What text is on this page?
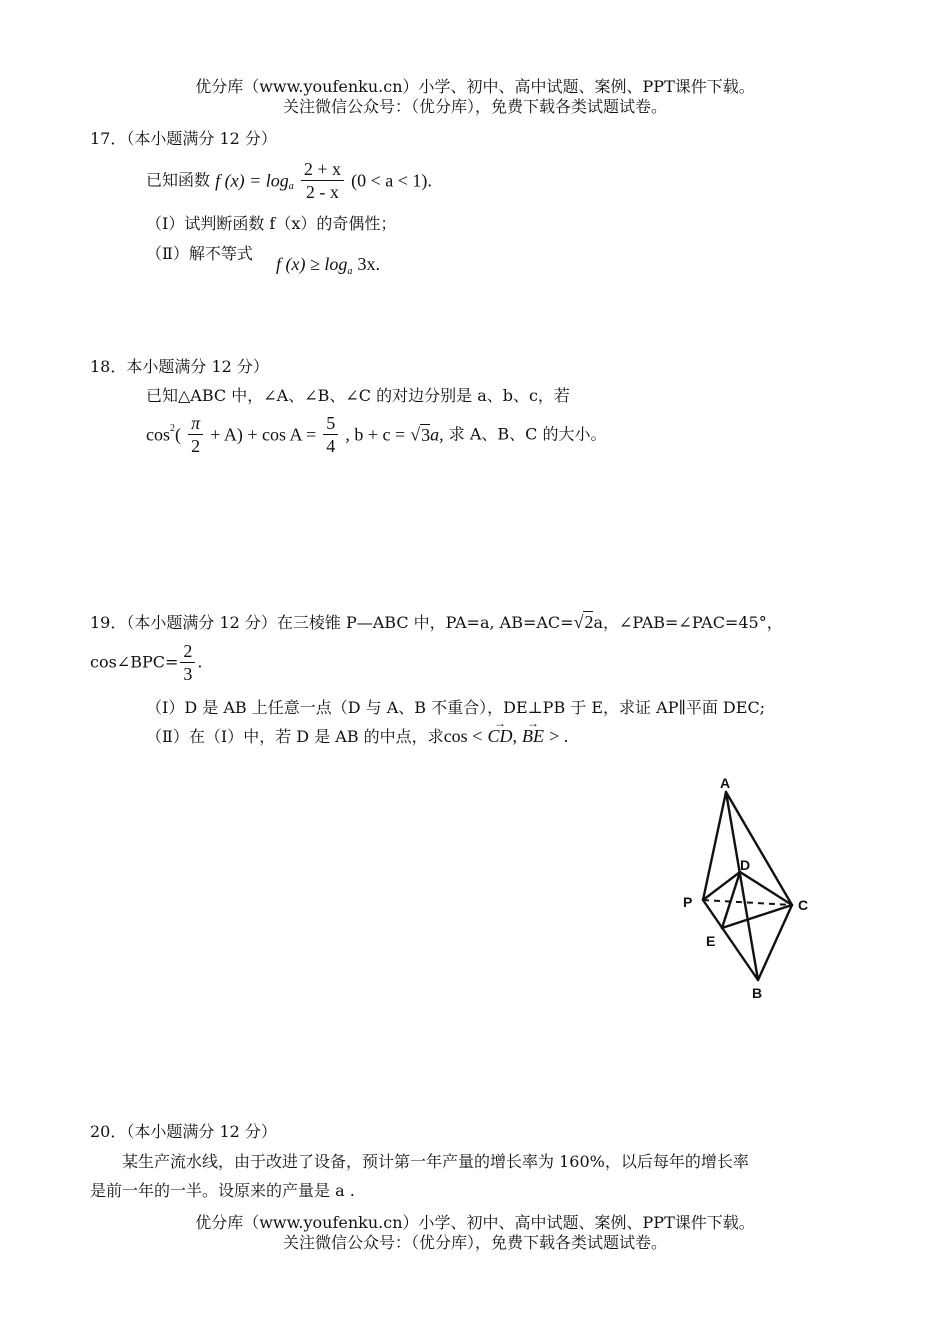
优分库（www.youfenku.cn）小学、初中、高中试题、案例、PPT课件下载。
关注微信公众号：（优分库），免费下载各类试题试卷。
17．（本小题满分 12 分）
已知函数 f $(x) = \log_a \frac{2 + x}{2 - x} (0 < a < 1)$.
（Ⅰ）试判断函数 f（x）的奇偶性；
（Ⅱ）解不等式
f $(x) \ge \log_a 3x$.
18．本小题满分 12 分）
已知△ABC 中，∠A、∠B、∠C 的对边分别是 a、b、c，若
$\cos^2( \frac{\pi}{2} + A) + \cos A = \frac{5}{4}$ , b + c = √3a, 求 A、B、C 的大小。
19．（本小题满分 12 分）在三棱锥 P—ABC 中，PA=a, AB=AC=√2a，∠PAB=∠PAC=45°，
cos∠BPC= $\frac{2}{3}$ .
（Ⅰ）D 是 AB 上任意一点（D 与 A、B 不重合），DE⊥PB 于 E，求证 AP∥平面 DEC;
（Ⅱ）在（Ⅰ）中，若 D 是 AB 的中点，求cos < → CD, → BE > .
A
D
P	C
E
B
20．（本小题满分 12 分）
某生产流水线，由于改进了设备，预计第一年产量的增长率为 160%，以后每年的增长率
是前一年的一半。设原来的产量是 a .
优分库（www.youfenku.cn）小学、初中、高中试题、案例、PPT课件下载。
关注微信公众号：（优分库），免费下载各类试题试卷。
